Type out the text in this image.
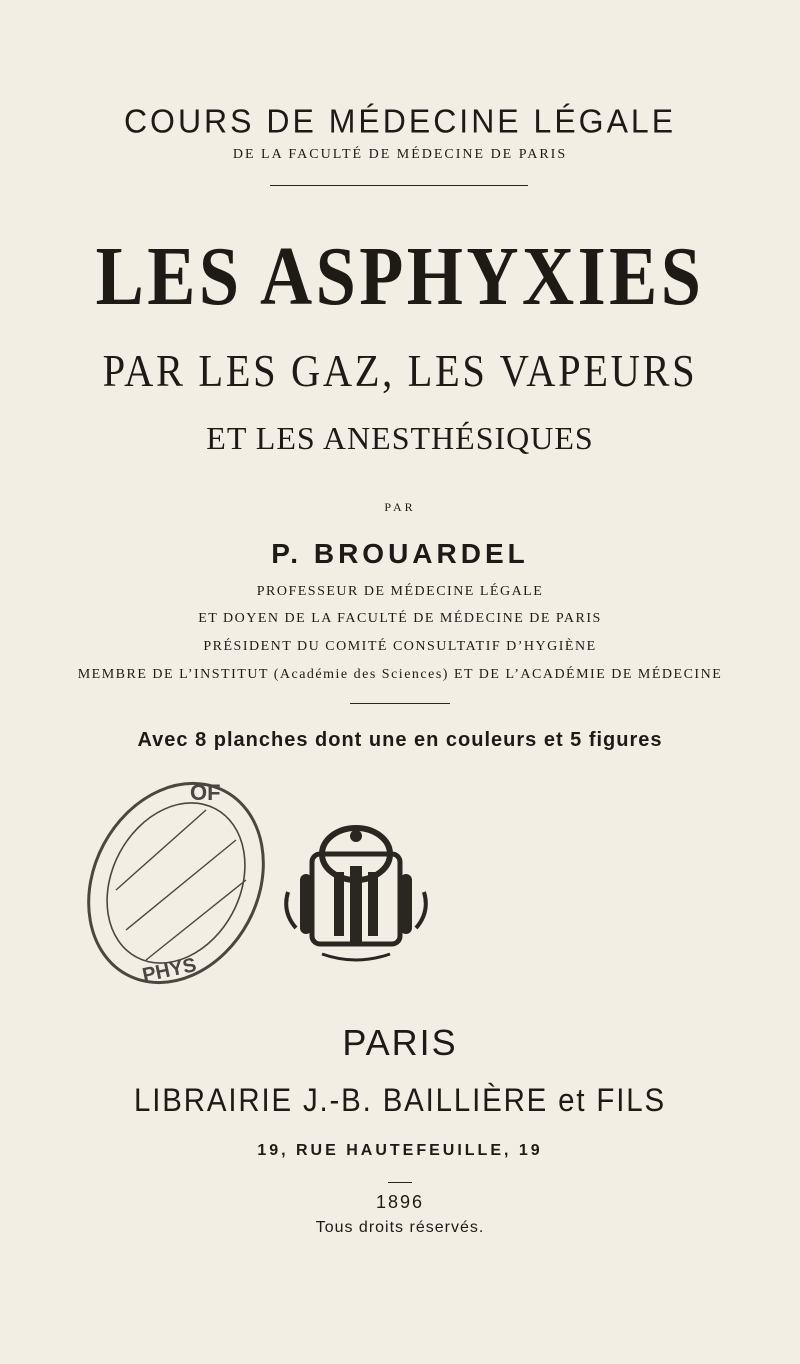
COURS DE MÉDECINE LÉGALE
DE LA FACULTÉ DE MÉDECINE DE PARIS
LES ASPHYXIES
PAR LES GAZ, LES VAPEURS
ET LES ANESTHÉSIQUES
PAR
P. BROUARDEL
PROFESSEUR DE MÉDECINE LÉGALE
ET DOYEN DE LA FACULTÉ DE MÉDECINE DE PARIS
PRÉSIDENT DU COMITÉ CONSULTATIF D’HYGIÈNE
MEMBRE DE L’INSTITUT (Académie des Sciences) ET DE L’ACADÉMIE DE MÉDECINE
Avec 8 planches dont une en couleurs et 5 figures
OF
PHYS
PARIS
LIBRAIRIE J.-B. BAILLIÈRE et FILS
19, RUE HAUTEFEUILLE, 19
1896
Tous droits réservés.
